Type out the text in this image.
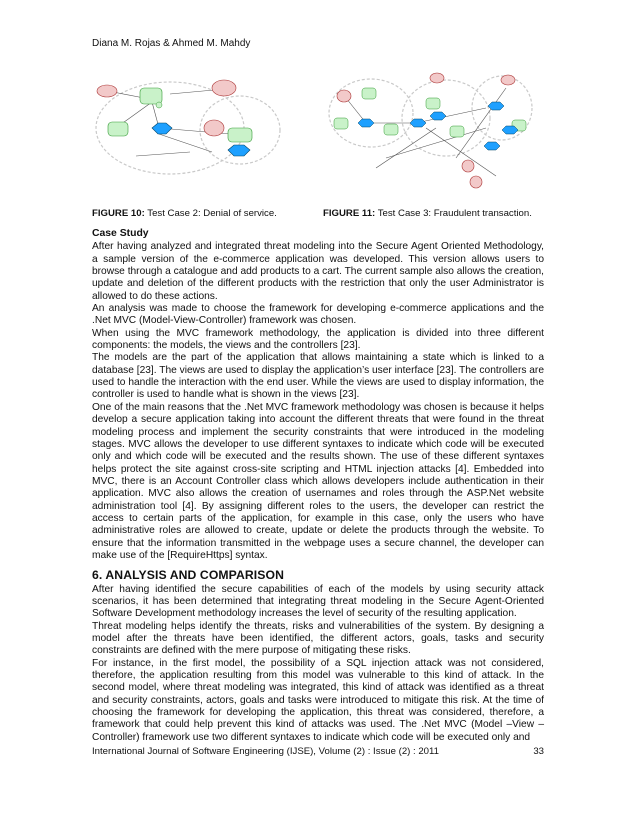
Diana M. Rojas & Ahmed M. Mahdy
FIGURE 10: Test Case 2: Denial of service.	FIGURE 11: Test Case 3: Fraudulent transaction.
Case Study

After having analyzed and integrated threat modeling into the Secure Agent Oriented Methodology, a sample version of the e-commerce application was developed. This version allows users to browse through a catalogue and add products to a cart. The current sample also allows the creation, update and deletion of the different products with the restriction that only the user Administrator is allowed to do these actions.

An analysis was made to choose the framework for developing e-commerce applications and the .Net MVC (Model-View-Controller) framework was chosen.

When using the MVC framework methodology, the application is divided into three different components: the models, the views and the controllers [23].

The models are the part of the application that allows maintaining a state which is linked to a database [23]. The views are used to display the application’s user interface [23]. The controllers are used to handle the interaction with the end user. While the views are used to display information, the controller is used to handle what is shown in the views [23].

One of the main reasons that the .Net MVC framework methodology was chosen is because it helps develop a secure application taking into account the different threats that were found in the threat modeling process and implement the security constraints that were introduced in the modeling stages. MVC allows the developer to use different syntaxes to indicate which code will be executed only and which code will be executed and the results shown. The use of these different syntaxes helps protect the site against cross-site scripting and HTML injection attacks [4]. Embedded into MVC, there is an Account Controller class which allows developers include authentication in their application. MVC also allows the creation of usernames and roles through the ASP.Net website administration tool [4]. By assigning different roles to the users, the developer can restrict the access to certain parts of the application, for example in this case, only the users who have administrative roles are allowed to create, update or delete the products through the website. To ensure that the information transmitted in the webpage uses a secure channel, the developer can make use of the [RequireHttps] syntax.

6. ANALYSIS AND COMPARISON

After having identified the secure capabilities of each of the models by using security attack scenarios, it has been determined that integrating threat modeling in the Secure Agent-Oriented Software Development methodology increases the level of security of the resulting application.

Threat modeling helps identify the threats, risks and vulnerabilities of the system. By designing a model after the threats have been identified, the different actors, goals, tasks and security constraints are defined with the mere purpose of mitigating these risks.

For instance, in the first model, the possibility of a SQL injection attack was not considered, therefore, the application resulting from this model was vulnerable to this kind of attack. In the second model, where threat modeling was integrated, this kind of attack was identified as a threat and security constraints, actors, goals and tasks were introduced to mitigate this risk. At the time of choosing the framework for developing the application, this threat was considered, therefore, a framework that could help prevent this kind of attacks was used. The .Net MVC (Model –View – Controller) framework use two different syntaxes to indicate which code will be executed only and

International Journal of Software Engineering (IJSE), Volume (2) : Issue (2) : 2011	33
